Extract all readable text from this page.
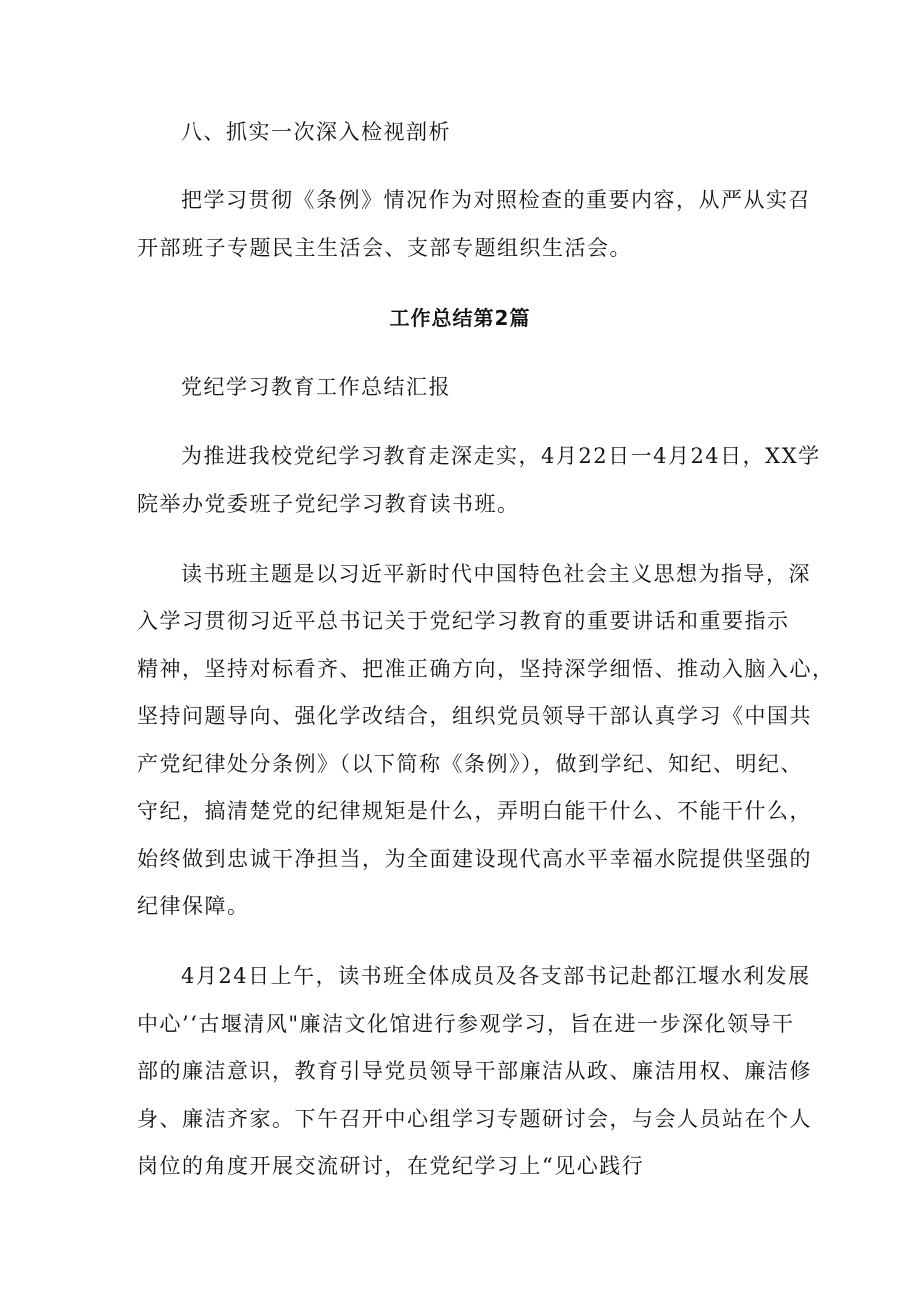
八、抓实一次深入检视剖析
把学习贯彻《条例》情况作为对照检查的重要内容，从严从实召
开部班子专题民主生活会、支部专题组织生活会。
工作总结第2篇
党纪学习教育工作总结汇报
为推进我校党纪学习教育走深走实，4月22日一4月24日，XX学
院举办党委班子党纪学习教育读书班。
读书班主题是以习近平新时代中国特色社会主义思想为指导，深
入学习贯彻习近平总书记关于党纪学习教育的重要讲话和重要指示
精神，坚持对标看齐、把准正确方向，坚持深学细悟、推动入脑入心，
坚持问题导向、强化学改结合，组织党员领导干部认真学习《中国共
产党纪律处分条例》（以下简称《条例》），做到学纪、知纪、明纪、
守纪，搞清楚党的纪律规矩是什么，弄明白能干什么、不能干什么，
始终做到忠诚干净担当，为全面建设现代高水平幸福水院提供坚强的
纪律保障。
4月24日上午，读书班全体成员及各支部书记赴都江堰水利发展
中心’‘古堰清风"廉洁文化馆进行参观学习，旨在进一步深化领导干
部的廉洁意识，教育引导党员领导干部廉洁从政、廉洁用权、廉洁修
身、廉洁齐家。下午召开中心组学习专题研讨会，与会人员站在个人
岗位的角度开展交流研讨，在党纪学习上“见心践行
